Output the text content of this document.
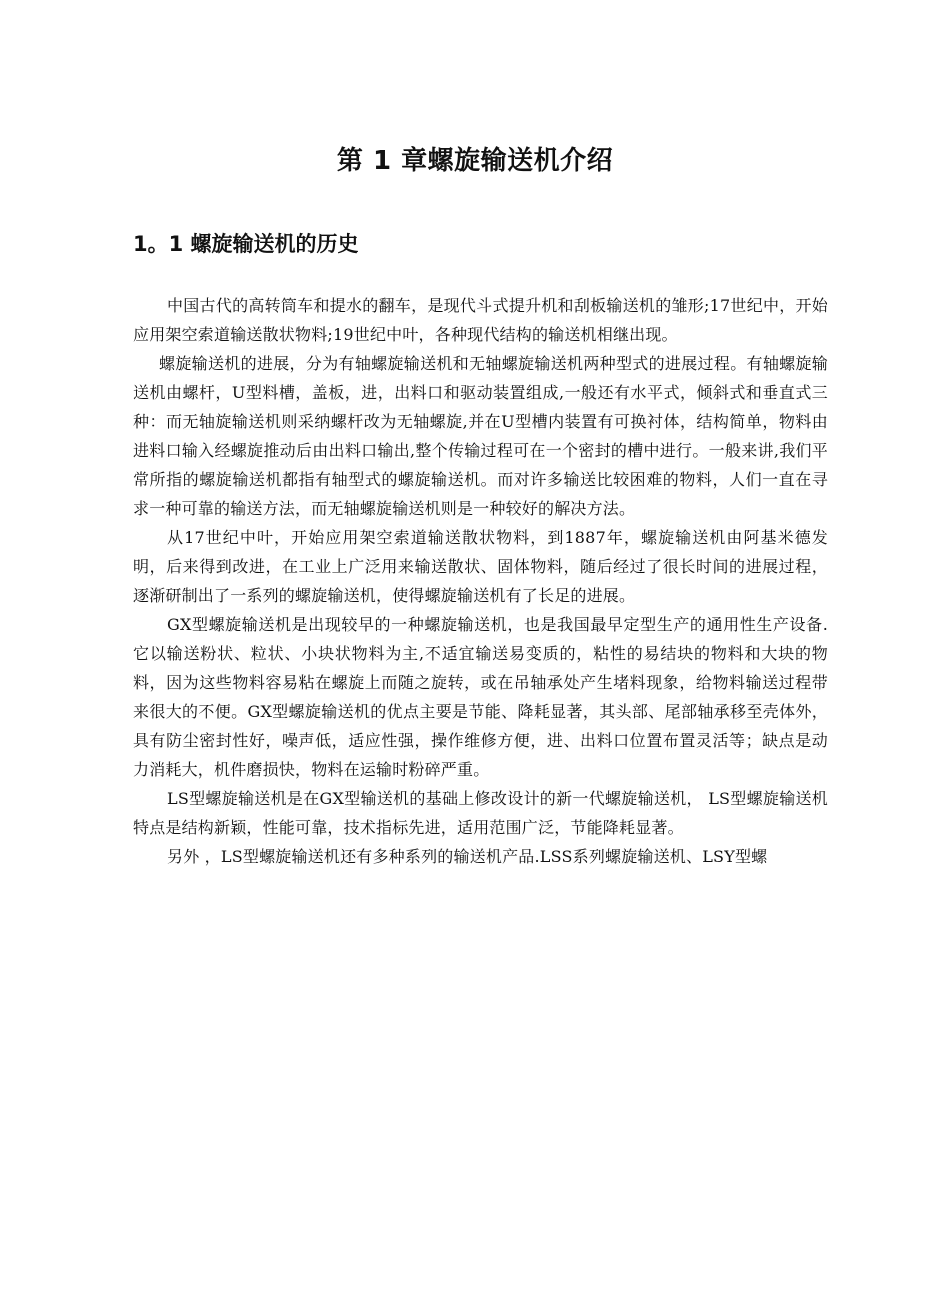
第 1 章螺旋输送机介绍
1。1 螺旋输送机的历史

中国古代的高转筒车和提水的翻车，是现代斗式提升机和刮板输送机的雏形;17世纪中，开始应用架空索道输送散状物料;19世纪中叶，各种现代结构的输送机相继出现。

螺旋输送机的进展，分为有轴螺旋输送机和无轴螺旋输送机两种型式的进展过程。有轴螺旋输送机由螺杆，U型料槽，盖板，进，出料口和驱动装置组成,一般还有水平式，倾斜式和垂直式三种：而无轴旋输送机则采纳螺杆改为无轴螺旋,并在U型槽内装置有可换衬体，结构简单，物料由进料口输入经螺旋推动后由出料口输出,整个传输过程可在一个密封的槽中进行。一般来讲,我们平常所指的螺旋输送机都指有轴型式的螺旋输送机。而对许多输送比较困难的物料，人们一直在寻求一种可靠的输送方法，而无轴螺旋输送机则是一种较好的解决方法。

从17世纪中叶，开始应用架空索道输送散状物料，到1887年，螺旋输送机由阿基米德发明，后来得到改进，在工业上广泛用来输送散状、固体物料，随后经过了很长时间的进展过程，逐渐研制出了一系列的螺旋输送机，使得螺旋输送机有了长足的进展。

GX型螺旋输送机是出现较早的一种螺旋输送机，也是我国最早定型生产的通用性生产设备.它以输送粉状、粒状、小块状物料为主,不适宜输送易变质的，粘性的易结块的物料和大块的物料，因为这些物料容易粘在螺旋上而随之旋转，或在吊轴承处产生堵料现象，给物料输送过程带来很大的不便。GX型螺旋输送机的优点主要是节能、降耗显著，其头部、尾部轴承移至壳体外，具有防尘密封性好，噪声低，适应性强，操作维修方便，进、出料口位置布置灵活等；缺点是动力消耗大，机件磨损快，物料在运输时粉碎严重。

LS型螺旋输送机是在GX型输送机的基础上修改设计的新一代螺旋输送机， LS型螺旋输送机特点是结构新颖，性能可靠，技术指标先进，适用范围广泛，节能降耗显著。

另外 ，LS型螺旋输送机还有多种系列的输送机产品.LSS系列螺旋输送机、LSY型螺
